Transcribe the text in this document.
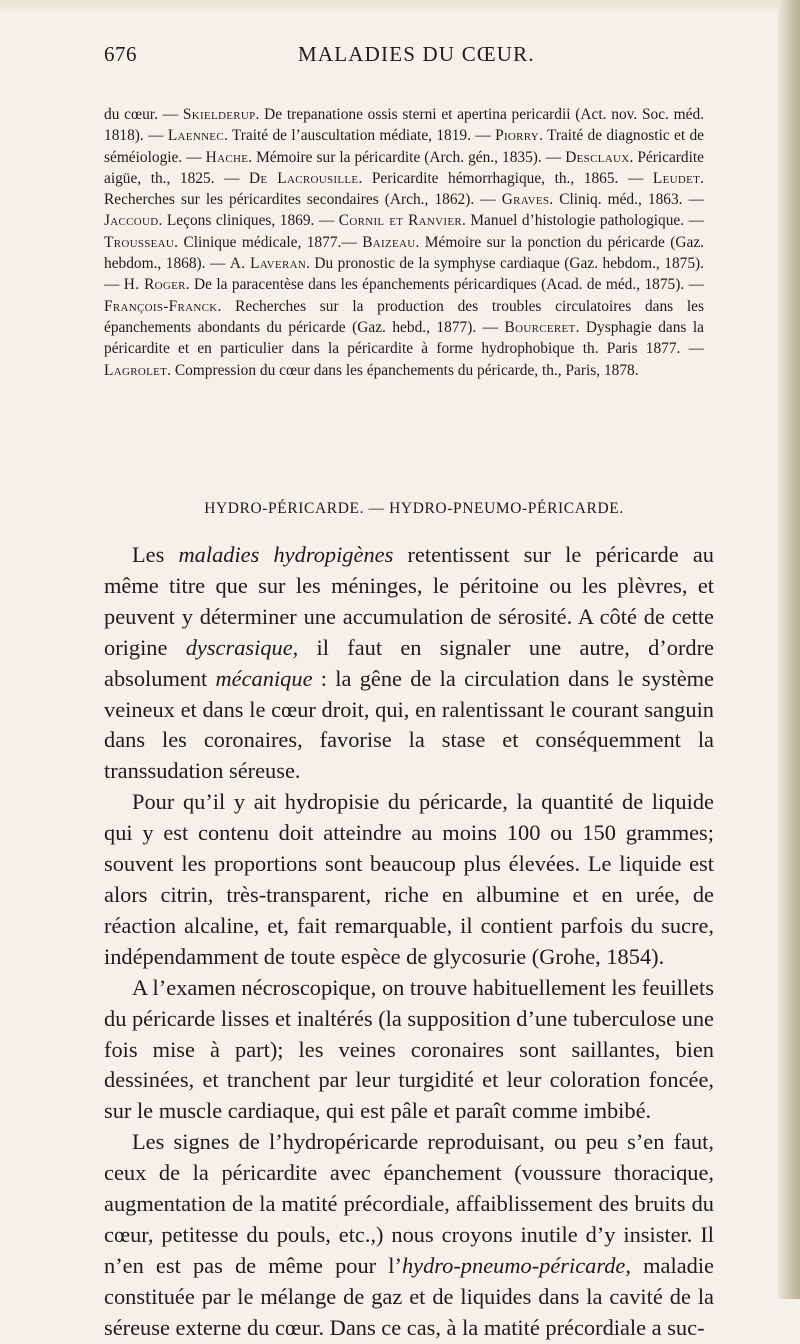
676	MALADIES DU CŒUR.

du cœur. — Skielderup. De trepanatione ossis sterni et apertina pericardii (Act. nov. Soc. méd. 1818). — Laennec. Traité de l’auscultation médiate, 1819. — Piorry. Traité de diagnostic et de séméiologie. — Hache. Mémoire sur la péricardite (Arch. gén., 1835). — Desclaux. Péricardite aigüe, th., 1825. — De Lacrousille. Pericardite hémorrhagique, th., 1865. — Leudet. Recherches sur les péricardites secondaires (Arch., 1862). — Graves. Cliniq. méd., 1863. — Jaccoud. Leçons cliniques, 1869. — Cornil et Ranvier. Manuel d’histologie pathologique. — Trousseau. Clinique médicale, 1877.— Baizeau. Mémoire sur la ponction du péricarde (Gaz. hebdom., 1868). — A. Laveran. Du pronostic de la symphyse cardiaque (Gaz. hebdom., 1875). — H. Roger. De la paracentèse dans les épanchements péricardiques (Acad. de méd., 1875). — François-Franck. Recherches sur la production des troubles circulatoires dans les épanchements abondants du péricarde (Gaz. hebd., 1877). — Bourceret. Dysphagie dans la péricardite et en particulier dans la péricardite à forme hydrophobique th. Paris 1877. — Lagrolet. Compression du cœur dans les épanchements du péricarde, th., Paris, 1878.

HYDRO-PÉRICARDE. — HYDRO-PNEUMO-PÉRICARDE.

Les maladies hydropigènes retentissent sur le péricarde au même titre que sur les méninges, le péritoine ou les plèvres, et peuvent y déterminer une accumulation de sérosité. A côté de cette origine dyscrasique, il faut en signaler une autre, d’ordre absolument mécanique : la gêne de la circulation dans le système veineux et dans le cœur droit, qui, en ralentissant le courant sanguin dans les coronaires, favorise la stase et conséquemment la transsudation séreuse.

Pour qu’il y ait hydropisie du péricarde, la quantité de liquide qui y est contenu doit atteindre au moins 100 ou 150 grammes; souvent les proportions sont beaucoup plus élevées. Le liquide est alors citrin, très-transparent, riche en albumine et en urée, de réaction alcaline, et, fait remarquable, il contient parfois du sucre, indépendamment de toute espèce de glycosurie (Grohe, 1854).

A l’examen nécroscopique, on trouve habituellement les feuillets du péricarde lisses et inaltérés (la supposition d’une tuberculose une fois mise à part); les veines coronaires sont saillantes, bien dessinées, et tranchent par leur turgidité et leur coloration foncée, sur le muscle cardiaque, qui est pâle et paraît comme imbibé.

Les signes de l’hydropéricarde reproduisant, ou peu s’en faut, ceux de la péricardite avec épanchement (voussure thoracique, augmentation de la matité précordiale, affaiblissement des bruits du cœur, petitesse du pouls, etc.,) nous croyons inutile d’y insister. Il n’en est pas de même pour l’hydro-pneumo-péricarde, maladie constituée par le mélange de gaz et de liquides dans la cavité de la séreuse externe du cœur. Dans ce cas, à la matité précordiale a suc-
